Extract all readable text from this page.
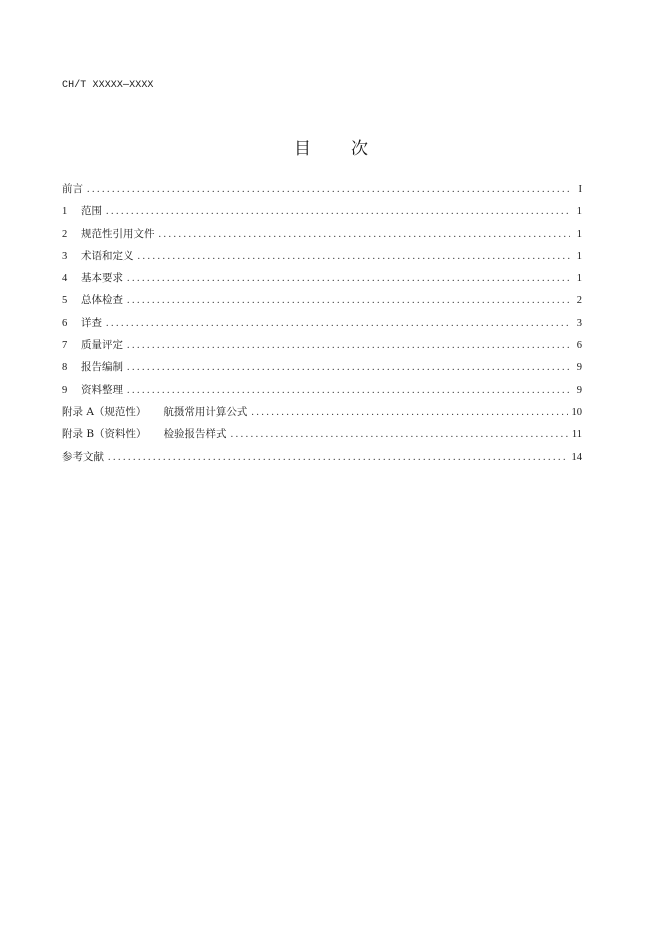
CH/T XXXXX—XXXX
目 次
前言 . . .	I
1	范围 . . .	1
2	规范性引用文件 . . .	1
3	术语和定义 . . .	1
4	基本要求 . . .	1
5	总体检查 . . .	2
6	详查 . . .	3
7	质量评定 . . .	6
8	报告编制 . . .	9
9	资料整理 . . .	9
附录 A（规范性） 航摄常用计算公式 . . .	10
附录 B（资料性） 检验报告样式 . . .	11
参考文献 . . .	14
